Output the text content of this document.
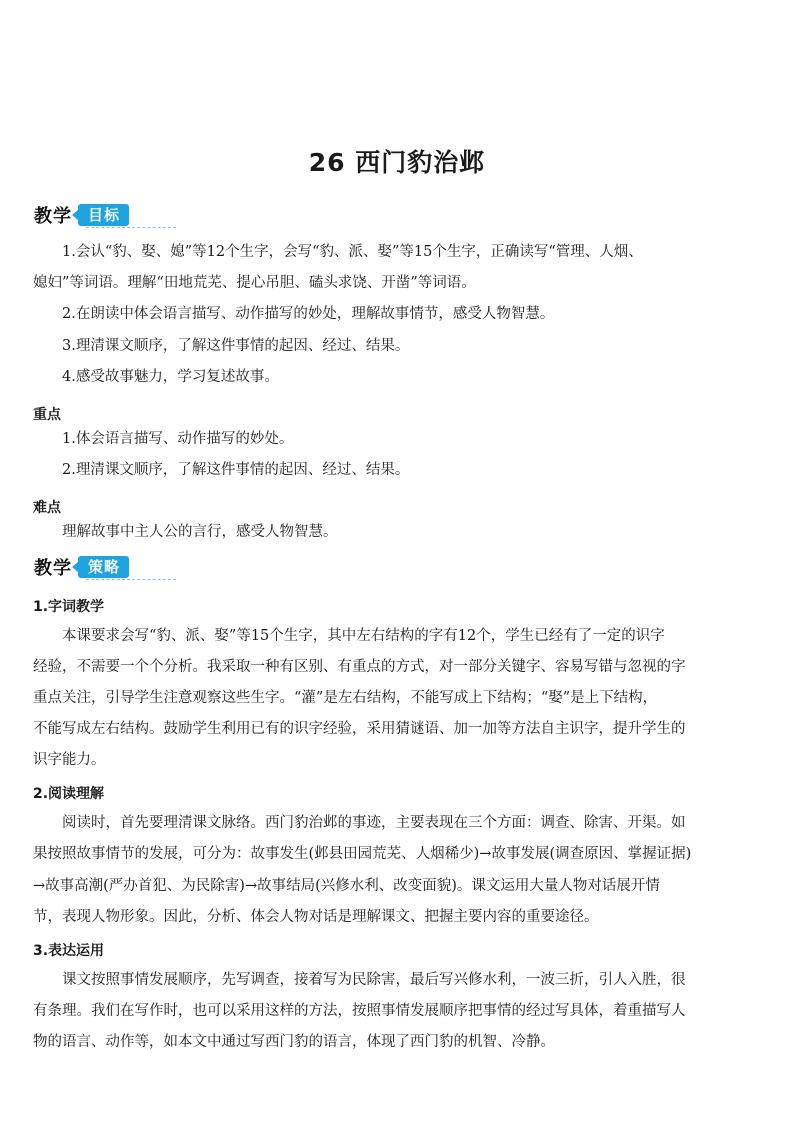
26 西门豹治邺
教学	目标
1.会认“豹、娶、媳”等12个生字，会写“豹、派、娶”等15个生字，正确读写“管理、人烟、
媳妇”等词语。理解“田地荒芜、提心吊胆、磕头求饶、开凿”等词语。
2.在朗读中体会语言描写、动作描写的妙处，理解故事情节，感受人物智慧。
3.理清课文顺序，了解这件事情的起因、经过、结果。
4.感受故事魅力，学习复述故事。
重点
1.体会语言描写、动作描写的妙处。
2.理清课文顺序，了解这件事情的起因、经过、结果。
难点
理解故事中主人公的言行，感受人物智慧。
教学	策略
1.字词教学
本课要求会写“豹、派、娶”等15个生字，其中左右结构的字有12个，学生已经有了一定的识字
经验，不需要一个个分析。我采取一种有区别、有重点的方式，对一部分关键字、容易写错与忽视的字
重点关注，引导学生注意观察这些生字。“灌”是左右结构，不能写成上下结构；“娶”是上下结构，
不能写成左右结构。鼓励学生利用已有的识字经验，采用猜谜语、加一加等方法自主识字，提升学生的
识字能力。
2.阅读理解
阅读时，首先要理清课文脉络。西门豹治邺的事迹，主要表现在三个方面：调查、除害、开渠。如
果按照故事情节的发展，可分为：故事发生(邺县田园荒芜、人烟稀少)→故事发展(调查原因、掌握证据)
→故事高潮(严办首犯、为民除害)→故事结局(兴修水利、改变面貌)。课文运用大量人物对话展开情
节，表现人物形象。因此，分析、体会人物对话是理解课文、把握主要内容的重要途径。
3.表达运用
课文按照事情发展顺序，先写调查，接着写为民除害，最后写兴修水利，一波三折，引人入胜，很
有条理。我们在写作时，也可以采用这样的方法，按照事情发展顺序把事情的经过写具体，着重描写人
物的语言、动作等，如本文中通过写西门豹的语言，体现了西门豹的机智、冷静。
